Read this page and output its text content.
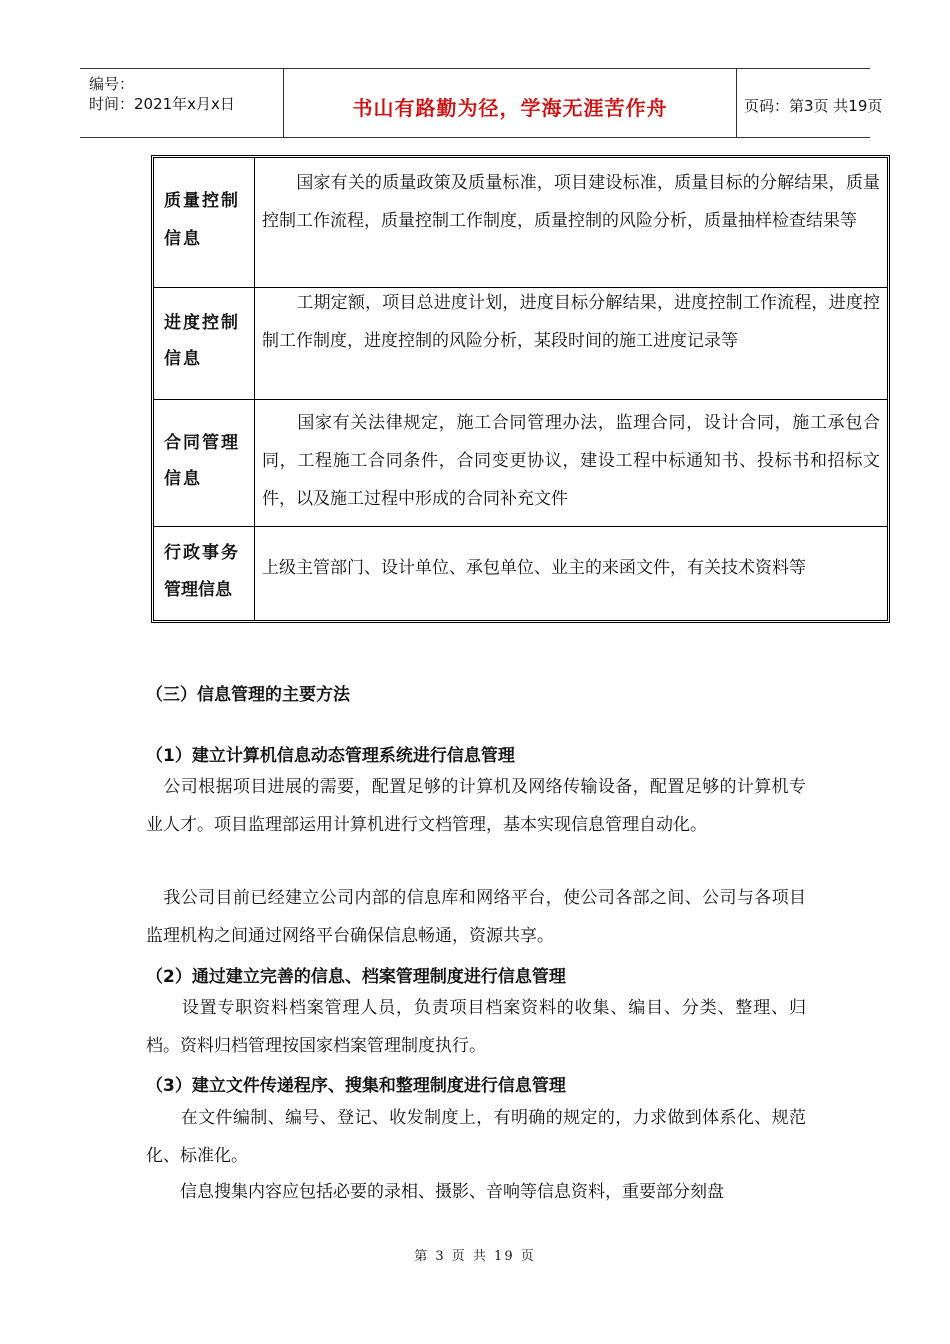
编号：
时间：2021年x月x日	书山有路勤为径，学海无涯苦作舟	页码：第3页 共19页
质量控制
信息
　　国家有关的质量政策及质量标准，项目建设标准，质量目标的分解结果，质量控制工作流程，质量控制工作制度，质量控制的风险分析，质量抽样检查结果等
进度控制
信息
　　工期定额，项目总进度计划，进度目标分解结果，进度控制工作流程，进度控制工作制度，进度控制的风险分析，某段时间的施工进度记录等
合同管理
信息
　　国家有关法律规定，施工合同管理办法，监理合同，设计合同，施工承包合同，工程施工合同条件，合同变更协议，建设工程中标通知书、投标书和招标文件，以及施工过程中形成的合同补充文件
行政事务
管理信息
上级主管部门、设计单位、承包单位、业主的来函文件，有关技术资料等
（三）信息管理的主要方法
（1）建立计算机信息动态管理系统进行信息管理
　公司根据项目进展的需要，配置足够的计算机及网络传输设备，配置足够的计算机专业人才。项目监理部运用计算机进行文档管理，基本实现信息管理自动化。
　我公司目前已经建立公司内部的信息库和网络平台，使公司各部之间、公司与各项目监理机构之间通过网络平台确保信息畅通，资源共享。
（2）通过建立完善的信息、档案管理制度进行信息管理
　　设置专职资料档案管理人员，负责项目档案资料的收集、编目、分类、整理、归档。资料归档管理按国家档案管理制度执行。
（3）建立文件传递程序、搜集和整理制度进行信息管理
　　在文件编制、编号、登记、收发制度上，有明确的规定的，力求做到体系化、规范化、标准化。
　　信息搜集内容应包括必要的录相、摄影、音响等信息资料，重要部分刻盘
第 3 页 共 19 页
